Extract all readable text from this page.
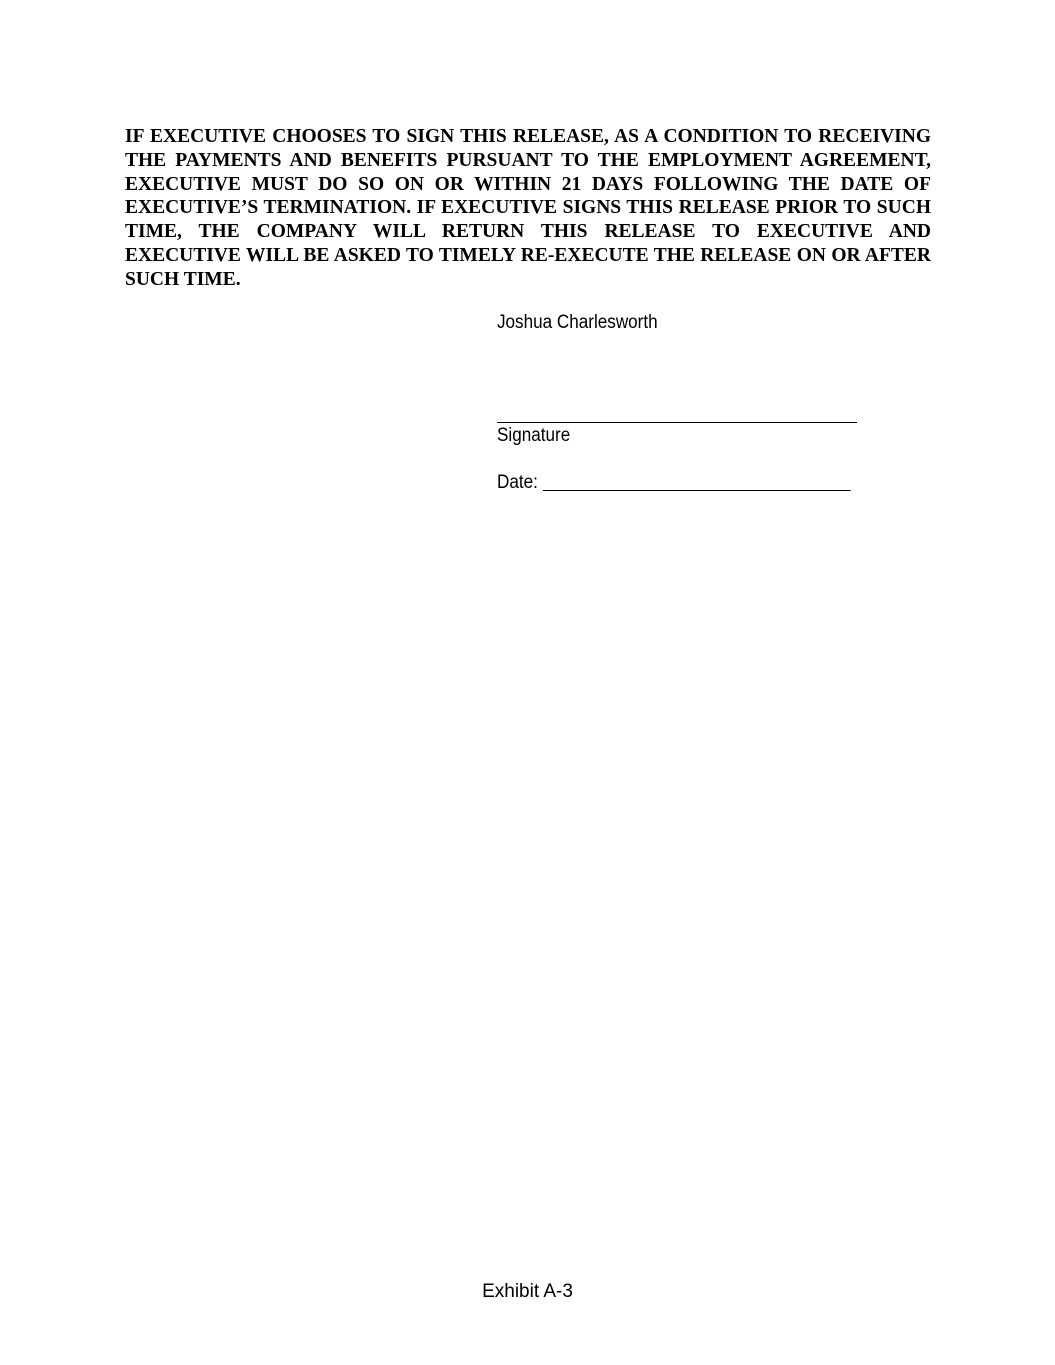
IF EXECUTIVE CHOOSES TO SIGN THIS RELEASE, AS A CONDITION TO RECEIVING THE PAYMENTS AND BENEFITS PURSUANT TO THE EMPLOYMENT AGREEMENT, EXECUTIVE MUST DO SO ON OR WITHIN 21 DAYS FOLLOWING THE DATE OF EXECUTIVE’S TERMINATION. IF EXECUTIVE SIGNS THIS RELEASE PRIOR TO SUCH TIME, THE COMPANY WILL RETURN THIS RELEASE TO EXECUTIVE AND EXECUTIVE WILL BE ASKED TO TIMELY RE-EXECUTE THE RELEASE ON OR AFTER SUCH TIME.

Joshua Charlesworth
Signature
Date:
Exhibit A-3
